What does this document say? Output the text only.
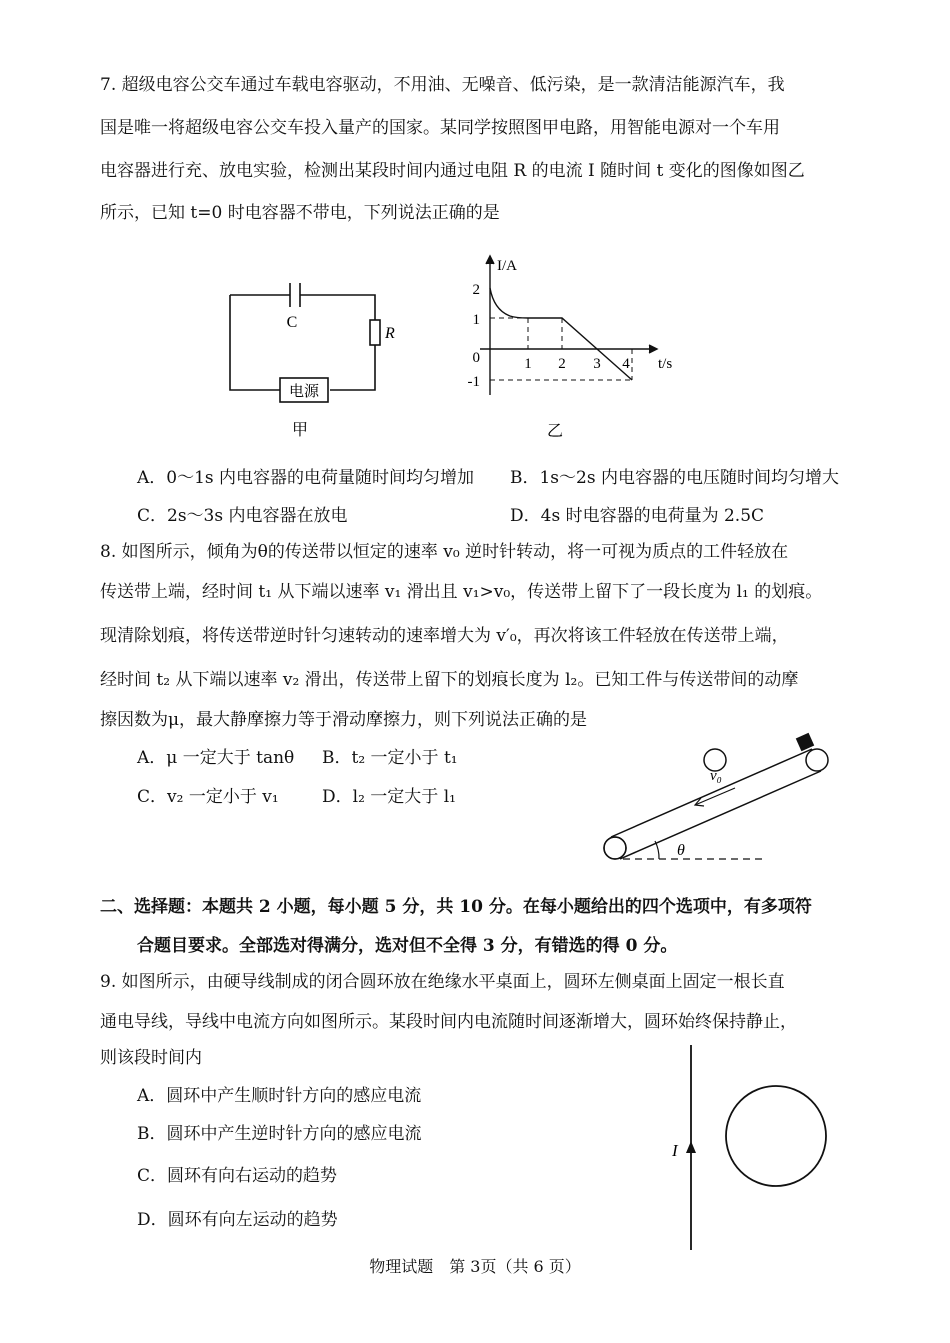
7. 超级电容公交车通过车载电容驱动，不用油、无噪音、低污染，是一款清洁能源汽车，我
国是唯一将超级电容公交车投入量产的国家。某同学按照图甲电路，用智能电源对一个车用
电容器进行充、放电实验，检测出某段时间内通过电阻 R 的电流 I 随时间 t 变化的图像如图乙
所示，已知 t=0 时电容器不带电，下列说法正确的是
C
R
电源
甲
I/A
t/s
2
1
0
-1
1 2 3 4
乙
A．0～1s 内电容器的电荷量随时间均匀增加 B．1s～2s 内电容器的电压随时间均匀增大
C．2s～3s 内电容器在放电	D．4s 时电容器的电荷量为 2.5C
8. 如图所示，倾角为θ的传送带以恒定的速率 v₀ 逆时针转动，将一可视为质点的工件轻放在
传送带上端，经时间 t₁ 从下端以速率 v₁ 滑出且 v₁>v₀，传送带上留下了一段长度为 l₁ 的划痕。
现清除划痕，将传送带逆时针匀速转动的速率增大为 v′₀，再次将该工件轻放在传送带上端，
经时间 t₂ 从下端以速率 v₂ 滑出，传送带上留下的划痕长度为 l₂。已知工件与传送带间的动摩
擦因数为μ，最大静摩擦力等于滑动摩擦力，则下列说法正确的是
A．μ 一定大于 tanθ B．t₂ 一定小于 t₁
C．v₂ 一定小于 v₁	D．l₂ 一定大于 l₁
v₀
θ
二、选择题：本题共 2 小题，每小题 5 分，共 10 分。在每小题给出的四个选项中，有多项符
合题目要求。全部选对得满分，选对但不全得 3 分，有错选的得 0 分。
9. 如图所示，由硬导线制成的闭合圆环放在绝缘水平桌面上，圆环左侧桌面上固定一根长直
通电导线，导线中电流方向如图所示。某段时间内电流随时间逐渐增大，圆环始终保持静止，
则该段时间内
A．圆环中产生顺时针方向的感应电流
B．圆环中产生逆时针方向的感应电流
C．圆环有向右运动的趋势
D．圆环有向左运动的趋势
I
物理试题　第 3页（共 6 页）
